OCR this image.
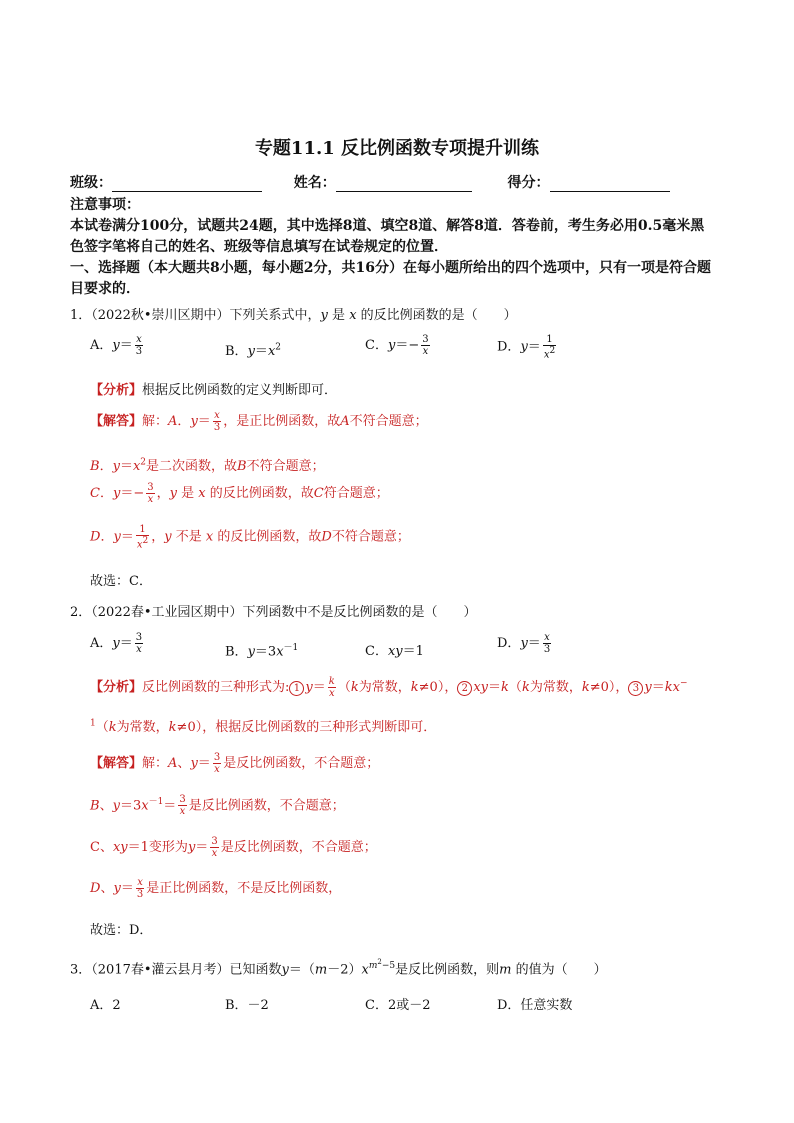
专题11.1 反比例函数专项提升训练
班级：	姓名：	得分：
注意事项：
本试卷满分100分，试题共24题，其中选择8道、填空8道、解答8道．答卷前，考生务必用0.5毫米黑
色签字笔将自己的姓名、班级等信息填写在试卷规定的位置．
一、选择题（本大题共8小题，每小题2分，共16分）在每小题所给出的四个选项中，只有一项是符合题
目要求的．
1．（2022秋•崇川区期中）下列关系式中，y 是 x 的反比例函数的是（　　）
A．$y= \frac{x}{3}$	B．$y=x^2$	C．$y=- \frac{3}{x}$	D．$y= \frac{1}{x^2}$
【分析】根据反比例函数的定义判断即可．
【解答】解：A．$y= \frac{x}{3}$ ，是正比例函数，故A不符合题意；
B．$y=x^2$是二次函数，故B不符合题意；
C．$y=- \frac{3}{x}$ ，y 是 x 的反比例函数，故C符合题意；
D．$y= \frac{1}{x^2}$ ，y 不是 x 的反比例函数，故D不符合题意；
故选：C．
2．（2022春•工业园区期中）下列函数中不是反比例函数的是（　　）
A．$y= \frac{3}{x}$	B．$y=3x^{-1}$	C．xy＝1
D．$y= \frac{x}{3}$
【分析】反比例函数的三种形式为: 1 $y= \frac{k}{x} (k$为常数，k≠0）， 2 xy＝k（k为常数，k≠0）， 3 y＝kx−
$^1$（k为常数，k≠0），根据反比例函数的三种形式判断即可．
【解答】解：A、$y= \frac{3}{x}$ 是反比例函数，不合题意；
B、$y=3x^{-1}= \frac{3}{x}$ 是反比例函数，不合题意；
C、xy＝1变形为$y= \frac{3}{x}$ 是反比例函数，不合题意；
D、$y= \frac{x}{3}$ 是正比例函数，不是反比例函数，
故选：D．
3．（2017春•灌云县月考）已知函数$y=(m-2)x^{m^2-5}$是反比例函数，则m 的值为（　　）
A．2	B．－2	C．2或－2	D．任意实数
